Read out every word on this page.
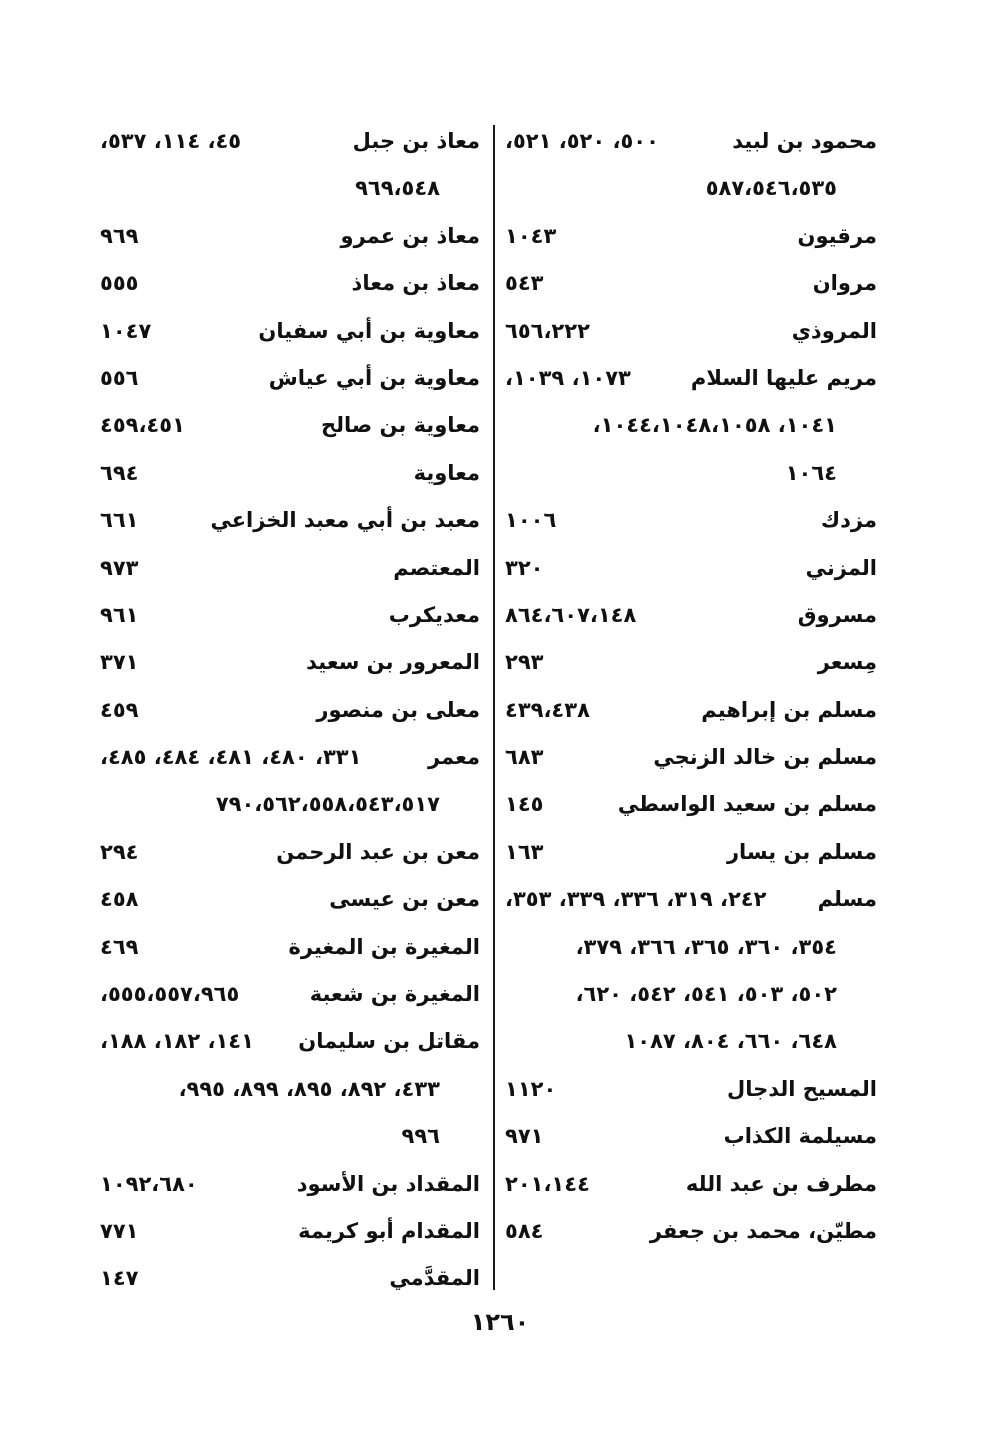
محمود بن لبيد
٥٠٠، ٥٢٠، ٥٢١،
٥٨٧،٥٤٦،٥٣٥
مرقيون
١٠٤٣
مروان
٥٤٣
المروذي
٦٥٦،٢٢٢
مريم عليها السلام
١٠٧٣، ١٠٣٩،
١٠٤١، ١٠٤٤،١٠٤٨،١٠٥٨،
١٠٦٤
مزدك
١٠٠٦
المزني
٣٢٠
مسروق
٨٦٤،٦٠٧،١٤٨
مِسعر
٢٩٣
مسلم بن إبراهيم
٤٣٩،٤٣٨
مسلم بن خالد الزنجي
٦٨٣
مسلم بن سعيد الواسطي
١٤٥
مسلم بن يسار
١٦٣
مسلم
٢٤٢، ٣١٩، ٣٣٦، ٣٣٩، ٣٥٣،
٣٥٤، ٣٦٠، ٣٦٥، ٣٦٦، ٣٧٩،
٥٠٢، ٥٠٣، ٥٤١، ٥٤٢، ٦٢٠،
٦٤٨، ٦٦٠، ٨٠٤، ١٠٨٧
المسيح الدجال
١١٢٠
مسيلمة الكذاب
٩٧١
مطرف بن عبد الله
٢٠١،١٤٤
مطيّن، محمد بن جعفر
٥٨٤
معاذ بن جبل
٤٥، ١١٤، ٥٣٧،
٩٦٩،٥٤٨
معاذ بن عمرو
٩٦٩
معاذ بن معاذ
٥٥٥
معاوية بن أبي سفيان
١٠٤٧
معاوية بن أبي عياش
٥٥٦
معاوية بن صالح
٤٥٩،٤٥١
معاوية
٦٩٤
معبد بن أبي معبد الخزاعي
٦٦١
المعتصم
٩٧٣
معديكرب
٩٦١
المعرور بن سعيد
٣٧١
معلى بن منصور
٤٥٩
معمر
٣٣١، ٤٨٠، ٤٨١، ٤٨٤، ٤٨٥،
٧٩٠،٥٦٢،٥٥٨،٥٤٣،٥١٧
معن بن عبد الرحمن
٢٩٤
معن بن عيسى
٤٥٨
المغيرة بن المغيرة
٤٦٩
المغيرة بن شعبة
٥٥٥،٥٥٧،٩٦٥،
مقاتل بن سليمان
١٤١، ١٨٢، ١٨٨،
٤٣٣، ٨٩٢، ٨٩٥، ٨٩٩، ٩٩٥،
٩٩٦
المقداد بن الأسود
١٠٩٢،٦٨٠
المقدام أبو كريمة
٧٧١
المقدَّمي
١٤٧
١٢٦٠
